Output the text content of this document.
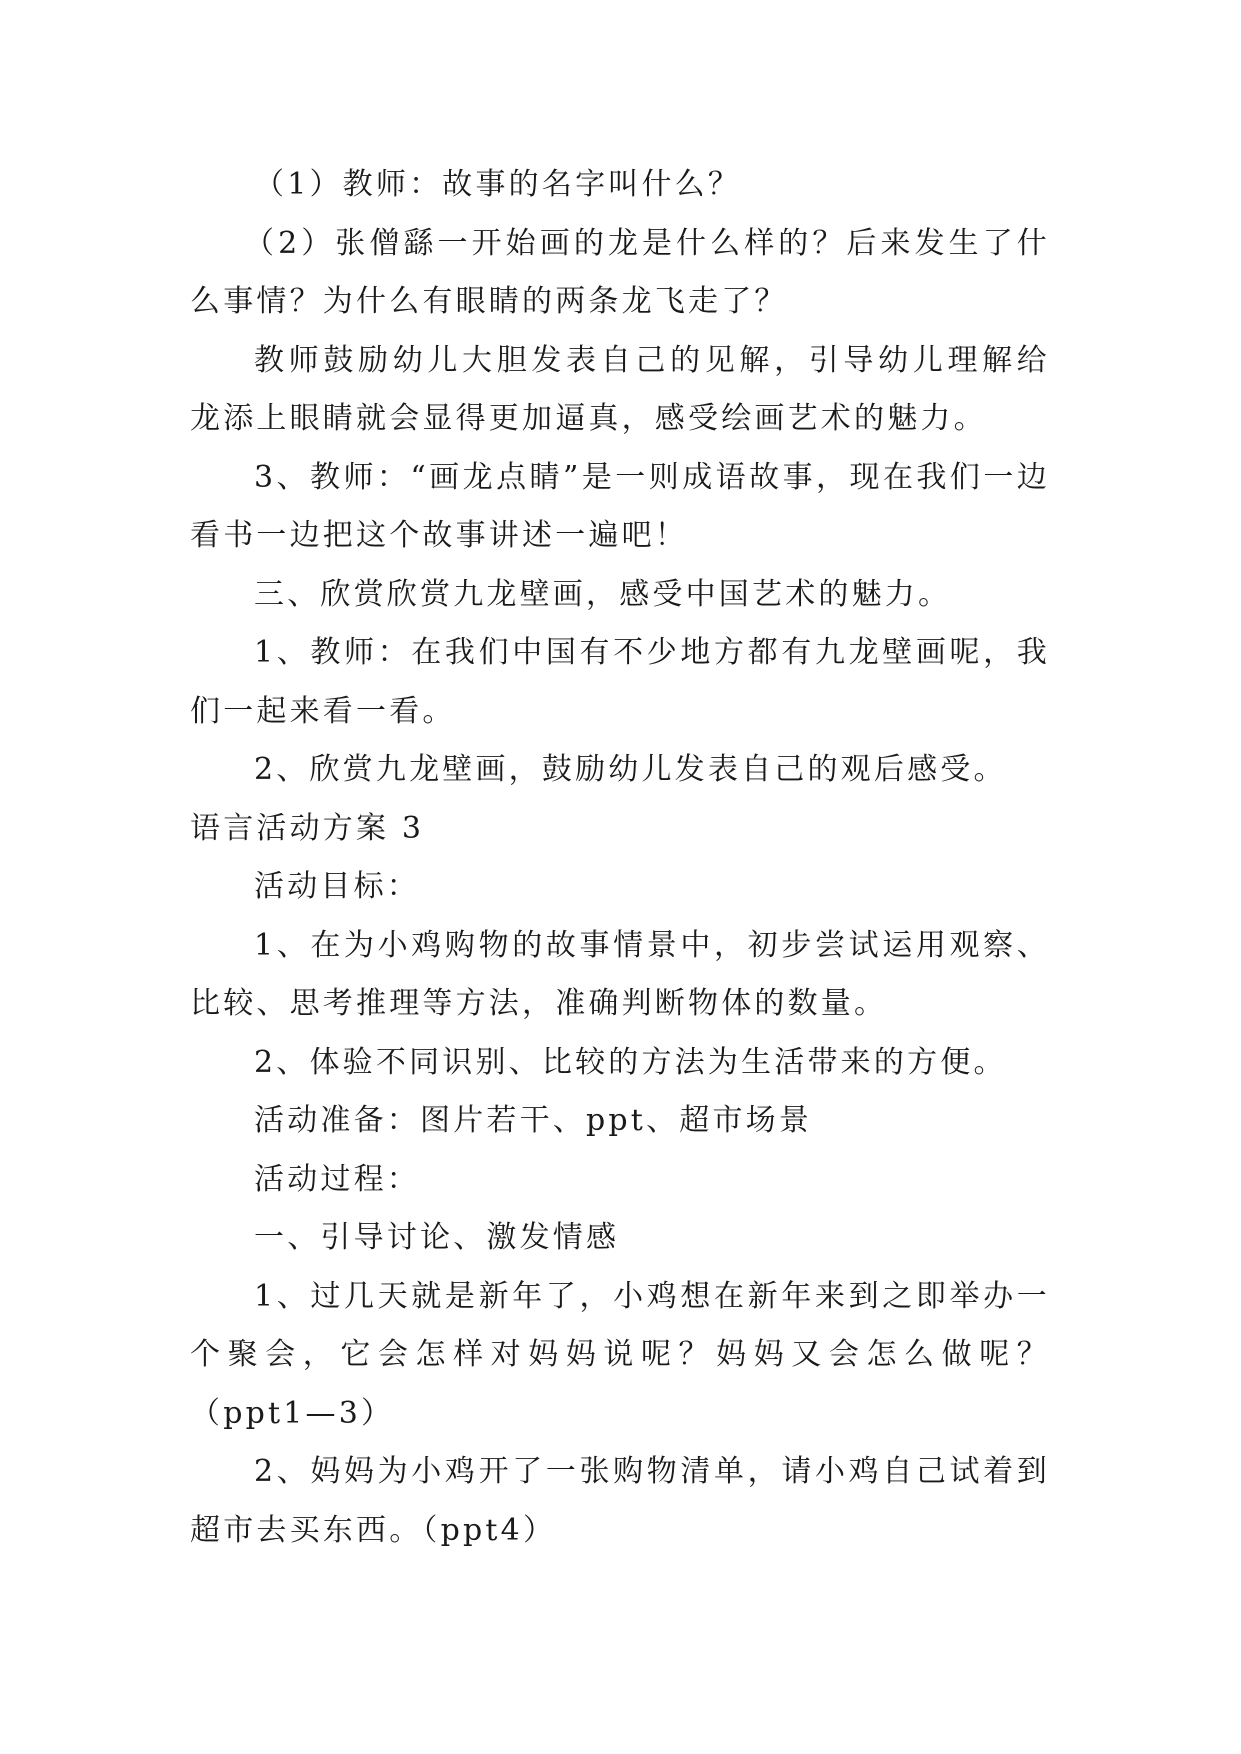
（1）教师：故事的名字叫什么？

（2）张僧繇一开始画的龙是什么样的？后来发生了什么事情？为什么有眼睛的两条龙飞走了？

教师鼓励幼儿大胆发表自己的见解，引导幼儿理解给龙添上眼睛就会显得更加逼真，感受绘画艺术的魅力。

3、教师：“画龙点睛”是一则成语故事，现在我们一边看书一边把这个故事讲述一遍吧！

三、欣赏欣赏九龙壁画，感受中国艺术的魅力。

1、教师：在我们中国有不少地方都有九龙壁画呢，我们一起来看一看。

2、欣赏九龙壁画，鼓励幼儿发表自己的观后感受。

语言活动方案 3

活动目标：

1、在为小鸡购物的故事情景中，初步尝试运用观察、比较、思考推理等方法，准确判断物体的数量。

2、体验不同识别、比较的方法为生活带来的方便。

活动准备：图片若干、ppt、超市场景

活动过程：

一、引导讨论、激发情感

1、过几天就是新年了，小鸡想在新年来到之即举办一个聚会，它会怎样对妈妈说呢？妈妈又会怎么做呢？（ppt1—3）

2、妈妈为小鸡开了一张购物清单，请小鸡自己试着到超市去买东西。（ppt4）
